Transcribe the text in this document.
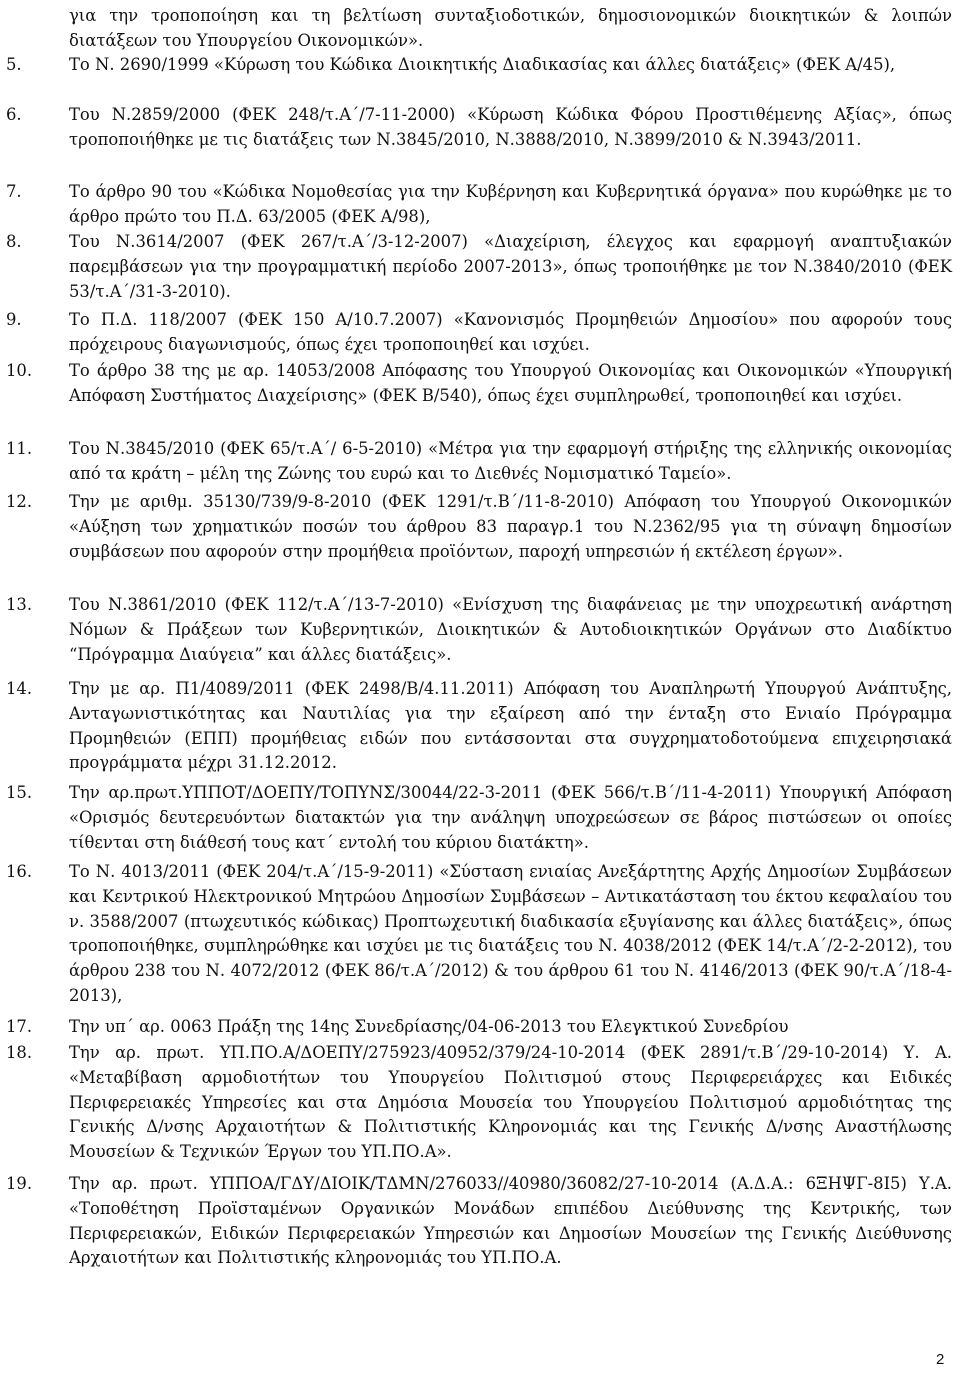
για την τροποποίηση και τη βελτίωση συνταξιοδοτικών, δημοσιονομικών διοικητικών & λοιπών διατάξεων του Υπουργείου Οικονομικών».
5.	Το Ν. 2690/1999 «Κύρωση του Κώδικα Διοικητικής Διαδικασίας και άλλες διατάξεις» (ΦΕΚ Α/45),
6.	Του Ν.2859/2000 (ΦΕΚ 248/τ.Α΄/7-11-2000) «Κύρωση Κώδικα Φόρου Προστιθέμενης Αξίας», όπως τροποποιήθηκε με τις διατάξεις των Ν.3845/2010, Ν.3888/2010, Ν.3899/2010 & Ν.3943/2011.
7.	Το άρθρο 90 του «Κώδικα Νομοθεσίας για την Κυβέρνηση και Κυβερνητικά όργανα» που κυρώθηκε με το άρθρο πρώτο του Π.Δ. 63/2005 (ΦΕΚ Α/98),
8.	Του Ν.3614/2007 (ΦΕΚ 267/τ.Α΄/3-12-2007) «Διαχείριση, έλεγχος και εφαρμογή αναπτυξιακών παρεμβάσεων για την προγραμματική περίοδο 2007-2013», όπως τροποιήθηκε με τον Ν.3840/2010 (ΦΕΚ 53/τ.Α΄/31-3-2010).
9.	Το Π.Δ. 118/2007 (ΦΕΚ 150 Α/10.7.2007) «Κανονισμός Προμηθειών Δημοσίου» που αφορούν τους πρόχειρους διαγωνισμούς, όπως έχει τροποποιηθεί και ισχύει.
10.	Το άρθρο 38 της με αρ. 14053/2008 Απόφασης του Υπουργού Οικονομίας και Οικονομικών «Υπουργική Απόφαση Συστήματος Διαχείρισης» (ΦΕΚ Β/540), όπως έχει συμπληρωθεί, τροποποιηθεί και ισχύει.
11.	Του Ν.3845/2010 (ΦΕΚ 65/τ.Α΄/ 6-5-2010) «Μέτρα για την εφαρμογή στήριξης της ελληνικής οικονομίας από τα κράτη – μέλη της Ζώνης του ευρώ και το Διεθνές Νομισματικό Ταμείο».
12.	Την με αριθμ. 35130/739/9-8-2010 (ΦΕΚ 1291/τ.Β΄/11-8-2010) Απόφαση του Υπουργού Οικονομικών «Αύξηση των χρηματικών ποσών του άρθρου 83 παραγρ.1 του Ν.2362/95 για τη σύναψη δημοσίων συμβάσεων που αφορούν στην προμήθεια προϊόντων, παροχή υπηρεσιών ή εκτέλεση έργων».
13.	Του Ν.3861/2010 (ΦΕΚ 112/τ.Α΄/13-7-2010) «Ενίσχυση της διαφάνειας με την υποχρεωτική ανάρτηση Νόμων & Πράξεων των Κυβερνητικών, Διοικητικών & Αυτοδιοικητικών Οργάνων στο Διαδίκτυο “Πρόγραμμα Διαύγεια” και άλλες διατάξεις».
14.	Την με αρ. Π1/4089/2011 (ΦΕΚ 2498/Β/4.11.2011) Απόφαση του Αναπληρωτή Υπουργού Ανάπτυξης, Ανταγωνιστικότητας και Ναυτιλίας για την εξαίρεση από την ένταξη στο Ενιαίο Πρόγραμμα Προμηθειών (ΕΠΠ) προμήθειας ειδών που εντάσσονται στα συγχρηματοδοτούμενα επιχειρησιακά προγράμματα μέχρι 31.12.2012.
15.	Την αρ.πρωτ.ΥΠΠΟΤ/ΔΟΕΠΥ/ΤΟΠΥΝΣ/30044/22-3-2011 (ΦΕΚ 566/τ.Β΄/11-4-2011) Υπουργική Απόφαση «Ορισμός δευτερευόντων διατακτών για την ανάληψη υποχρεώσεων σε βάρος πιστώσεων οι οποίες τίθενται στη διάθεσή τους κατ΄ εντολή του κύριου διατάκτη».
16.	Το Ν. 4013/2011 (ΦΕΚ 204/τ.Α΄/15-9-2011) «Σύσταση ενιαίας Ανεξάρτητης Αρχής Δημοσίων Συμβάσεων και Κεντρικού Ηλεκτρονικού Μητρώου Δημοσίων Συμβάσεων – Αντικατάσταση του έκτου κεφαλαίου του ν. 3588/2007 (πτωχευτικός κώδικας) Προπτωχευτική διαδικασία εξυγίανσης και άλλες διατάξεις», όπως τροποποιήθηκε, συμπληρώθηκε και ισχύει με τις διατάξεις του Ν. 4038/2012 (ΦΕΚ 14/τ.Α΄/2-2-2012), του άρθρου 238 του Ν. 4072/2012 (ΦΕΚ 86/τ.Α΄/2012) & του άρθρου 61 του Ν. 4146/2013 (ΦΕΚ 90/τ.Α΄/18-4-2013),
17.	Την υπ΄ αρ. 0063 Πράξη της 14ης Συνεδρίασης/04-06-2013 του Ελεγκτικού Συνεδρίου
18.	Την αρ. πρωτ. ΥΠ.ΠΟ.Α/ΔΟΕΠΥ/275923/40952/379/24-10-2014 (ΦΕΚ 2891/τ.Β΄/29-10-2014) Υ. Α. «Μεταβίβαση αρμοδιοτήτων του Υπουργείου Πολιτισμού στους Περιφερειάρχες και Ειδικές Περιφερειακές Υπηρεσίες και στα Δημόσια Μουσεία του Υπουργείου Πολιτισμού αρμοδιότητας της Γενικής Δ/νσης Αρχαιοτήτων & Πολιτιστικής Κληρονομιάς και της Γενικής Δ/νσης Αναστήλωσης Μουσείων & Τεχνικών Έργων του ΥΠ.ΠΟ.Α».
19.	Την αρ. πρωτ. ΥΠΠΟΑ/ΓΔΥ/ΔΙΟΙΚ/ΤΔΜΝ/276033//40980/36082/27-10-2014 (Α.Δ.Α.: 6ΞΗΨΓ-8Ι5) Υ.Α. «Τοποθέτηση Προϊσταμένων Οργανικών Μονάδων επιπέδου Διεύθυνσης της Κεντρικής, των Περιφερειακών, Ειδικών Περιφερειακών Υπηρεσιών και Δημοσίων Μουσείων της Γενικής Διεύθυνσης Αρχαιοτήτων και Πολιτιστικής κληρονομιάς του ΥΠ.ΠΟ.Α.
2
